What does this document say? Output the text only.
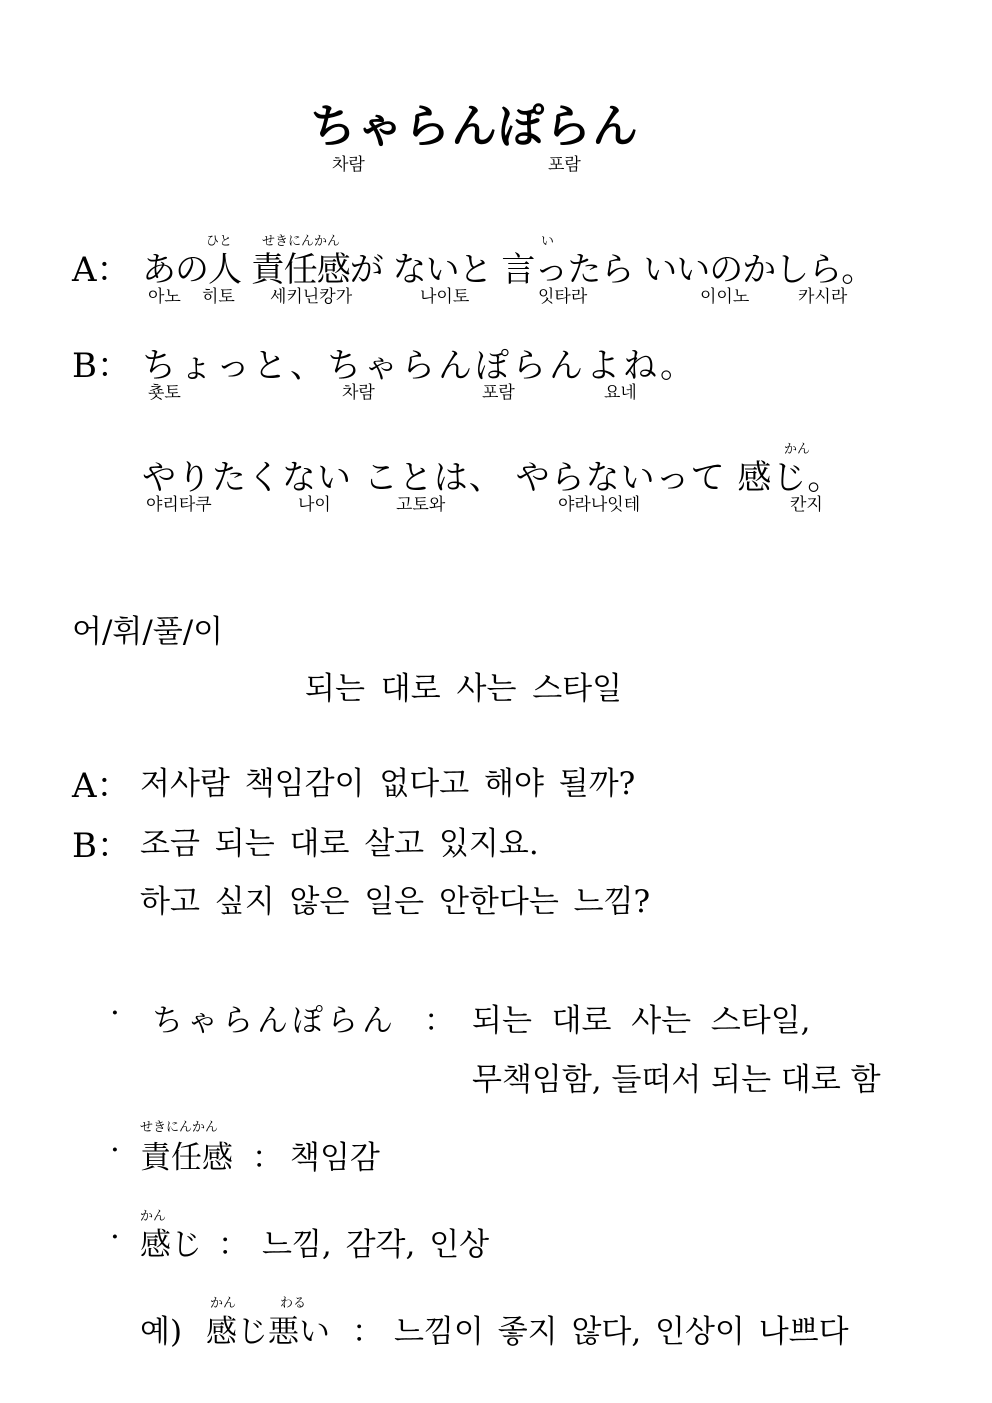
ちゃらんぽらん
차람	포람
ひと せきにんかん	い
A： あの人 責任感が ないと 言ったら いいのかしら。
아노 히토 세키닌캉가	나이토	잇타라	이이노	카시라
B： ちょっと、ちゃらんぽらんよね。
춋토	차람	포람	요네
かん
やりたくない ことは、 やらないって 感じ。
야리타쿠	나이	고토와	야라나잇테	칸지
어/휘/풀/이
되는 대로 사는 스타일
A： 저사람 책임감이 없다고 해야 될까?
B： 조금 되는 대로 살고 있지요.
하고 싶지 않은 일은 안한다는 느낌?
· ちゃらんぽらん ： 되는  대로  사는  스타일,
무책임함, 들떠서 되는 대로 함
せきにんかん
· 責任感 ： 책임감
かん
· 感じ ： 느낌, 감각, 인상
かん	わる
예) 感じ悪い ： 느낌이 좋지 않다, 인상이 나쁘다
